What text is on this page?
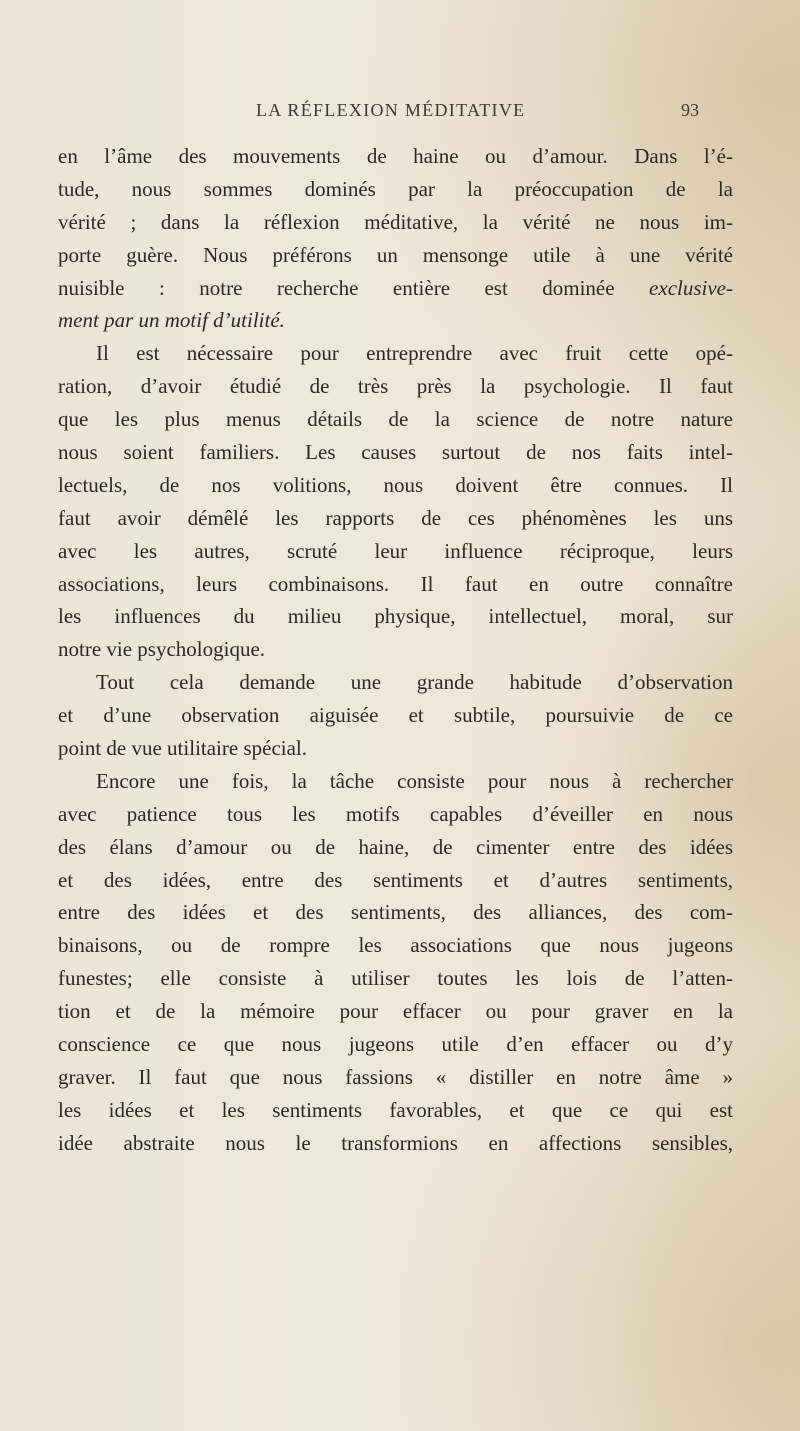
LA RÉFLEXION MÉDITATIVE	93
en l’âme des mouvements de haine ou d’amour. Dans l’é-
tude, nous sommes dominés par la préoccupation de la
vérité ; dans la réflexion méditative, la vérité ne nous im-
porte guère. Nous préférons un mensonge utile à une vérité
nuisible : notre recherche entière est dominée exclusive-
ment par un motif d’utilité.
Il est nécessaire pour entreprendre avec fruit cette opé-
ration, d’avoir étudié de très près la psychologie. Il faut
que les plus menus détails de la science de notre nature
nous soient familiers. Les causes surtout de nos faits intel-
lectuels, de nos volitions, nous doivent être connues. Il
faut avoir démêlé les rapports de ces phénomènes les uns
avec les autres, scruté leur influence réciproque, leurs
associations, leurs combinaisons. Il faut en outre connaître
les influences du milieu physique, intellectuel, moral, sur
notre vie psychologique.
Tout cela demande une grande habitude d’observation
et d’une observation aiguisée et subtile, poursuivie de ce
point de vue utilitaire spécial.
Encore une fois, la tâche consiste pour nous à rechercher
avec patience tous les motifs capables d’éveiller en nous
des élans d’amour ou de haine, de cimenter entre des idées
et des idées, entre des sentiments et d’autres sentiments,
entre des idées et des sentiments, des alliances, des com-
binaisons, ou de rompre les associations que nous jugeons
funestes; elle consiste à utiliser toutes les lois de l’atten-
tion et de la mémoire pour effacer ou pour graver en la
conscience ce que nous jugeons utile d’en effacer ou d’y
graver. Il faut que nous fassions « distiller en notre âme »
les idées et les sentiments favorables, et que ce qui est
idée abstraite nous le transformions en affections sensibles,
